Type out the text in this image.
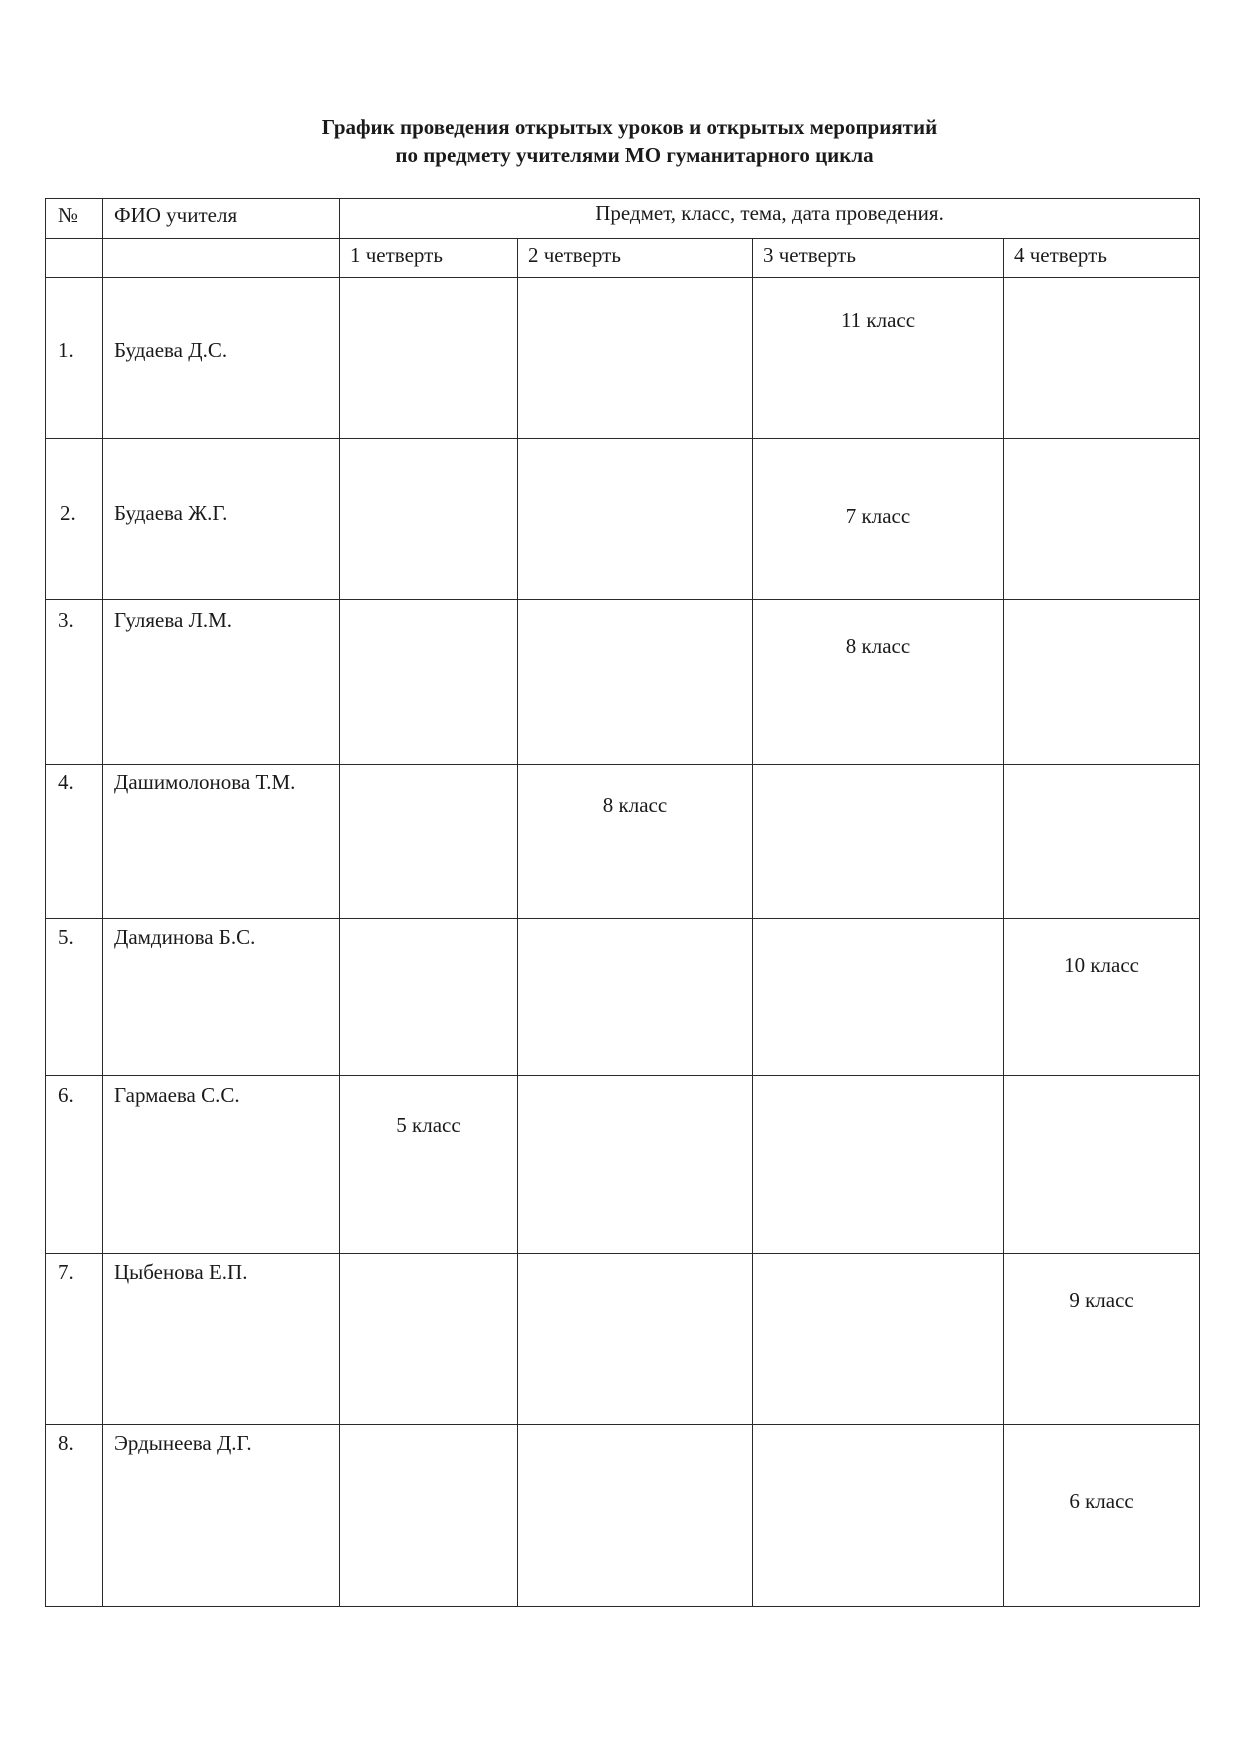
График проведения открытых уроков и открытых мероприятий
по предмету учителями МО гуманитарного цикла
№	ФИО учителя	Предмет, класс, тема, дата проведения.			
		1 четверть	2 четверть	3 четверть	4 четверть

1.	Будаева Д.С.			11 класс	

2.	Будаева Ж.Г.			7 класс	

3.	Гуляева Л.М.			8 класс	

4.	Дашимолонова Т.М.		8 класс		

5.	Дамдинова Б.С.				10 класс

6.	Гармаева С.С.	5 класс			

7.	Цыбенова Е.П.				9 класс

8.	Эрдынеева Д.Г.				6 класс
